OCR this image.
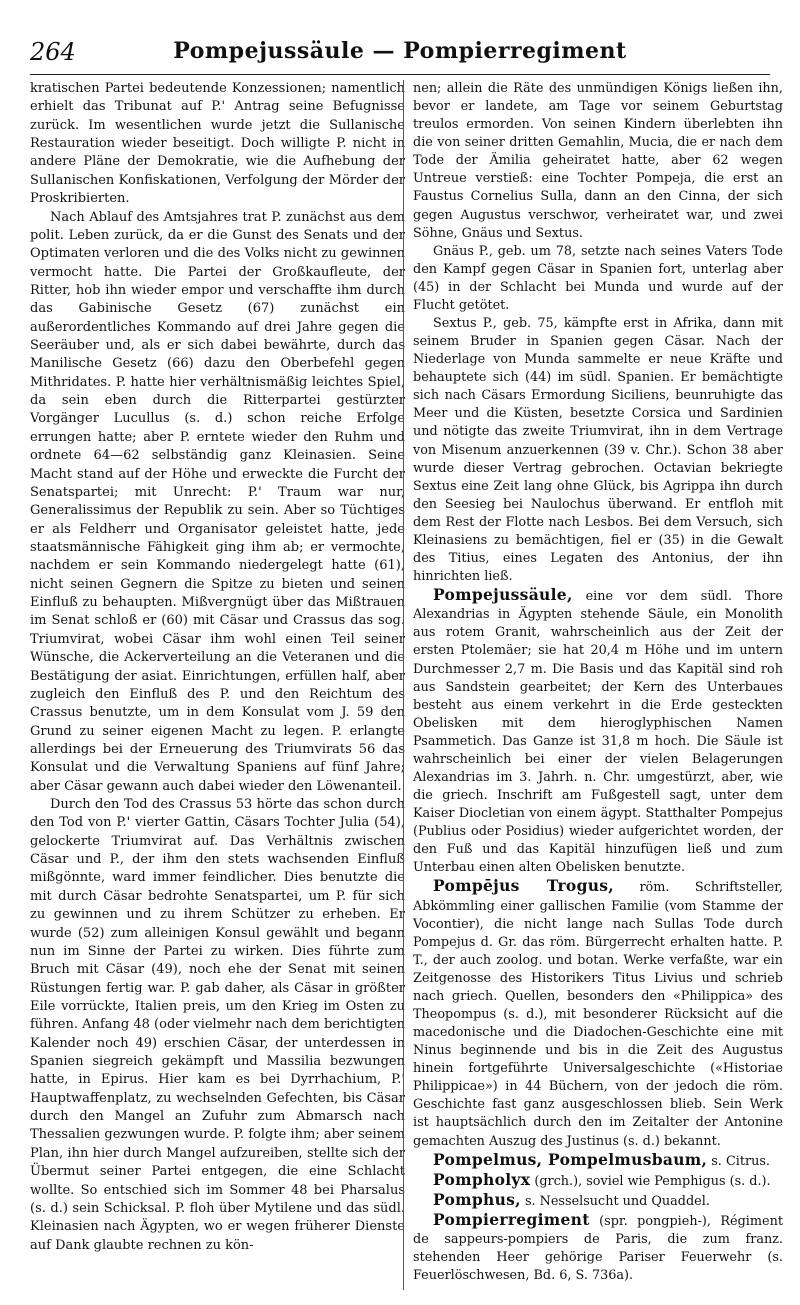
264	Pompejussäule — Pompierregiment

kratischen Partei bedeutende Konzessionen; namentlich erhielt das Tribunat auf P.' Antrag seine Befugnisse zurück. Im wesentlichen wurde jetzt die Sullanische Restauration wieder beseitigt. Doch willigte P. nicht in andere Pläne der Demokratie, wie die Aufhebung der Sullanischen Konfiskationen, Verfolgung der Mörder der Proskribierten.

Nach Ablauf des Amtsjahres trat P. zunächst aus dem polit. Leben zurück, da er die Gunst des Senats und der Optimaten verloren und die des Volks nicht zu gewinnen vermocht hatte. Die Partei der Großkaufleute, der Ritter, hob ihn wieder empor und verschaffte ihm durch das Gabinische Gesetz (67) zunächst ein außerordentliches Kommando auf drei Jahre gegen die Seeräuber und, als er sich dabei bewährte, durch das Manilische Gesetz (66) dazu den Oberbefehl gegen Mithridates. P. hatte hier verhältnismäßig leichtes Spiel, da sein eben durch die Ritterpartei gestürzter Vorgänger Lucullus (s. d.) schon reiche Erfolge errungen hatte; aber P. erntete wieder den Ruhm und ordnete 64—62 selbständig ganz Kleinasien. Seine Macht stand auf der Höhe und erweckte die Furcht der Senatspartei; mit Unrecht: P.' Traum war nur, Generalissimus der Republik zu sein. Aber so Tüchtiges er als Feldherr und Organisator geleistet hatte, jede staatsmännische Fähigkeit ging ihm ab; er vermochte, nachdem er sein Kommando niedergelegt hatte (61), nicht seinen Gegnern die Spitze zu bieten und seinen Einfluß zu behaupten. Mißvergnügt über das Mißtrauen im Senat schloß er (60) mit Cäsar und Crassus das sog. Triumvirat, wobei Cäsar ihm wohl einen Teil seiner Wünsche, die Ackerverteilung an die Veteranen und die Bestätigung der asiat. Einrichtungen, erfüllen half, aber zugleich den Einfluß des P. und den Reichtum des Crassus benutzte, um in dem Konsulat vom J. 59 den Grund zu seiner eigenen Macht zu legen. P. erlangte allerdings bei der Erneuerung des Triumvirats 56 das Konsulat und die Verwaltung Spaniens auf fünf Jahre; aber Cäsar gewann auch dabei wieder den Löwenanteil.

Durch den Tod des Crassus 53 hörte das schon durch den Tod von P.' vierter Gattin, Cäsars Tochter Julia (54), gelockerte Triumvirat auf. Das Verhältnis zwischen Cäsar und P., der ihm den stets wachsenden Einfluß mißgönnte, ward immer feindlicher. Dies benutzte die mit durch Cäsar bedrohte Senatspartei, um P. für sich zu gewinnen und zu ihrem Schützer zu erheben. Er wurde (52) zum alleinigen Konsul gewählt und begann nun im Sinne der Partei zu wirken. Dies führte zum Bruch mit Cäsar (49), noch ehe der Senat mit seinen Rüstungen fertig war. P. gab daher, als Cäsar in größter Eile vorrückte, Italien preis, um den Krieg im Osten zu führen. Anfang 48 (oder vielmehr nach dem berichtigten Kalender noch 49) erschien Cäsar, der unterdessen in Spanien siegreich gekämpft und Massilia bezwungen hatte, in Epirus. Hier kam es bei Dyrrhachium, P.' Hauptwaffenplatz, zu wechselnden Gefechten, bis Cäsar durch den Mangel an Zufuhr zum Abmarsch nach Thessalien gezwungen wurde. P. folgte ihm; aber seinem Plan, ihn hier durch Mangel aufzureiben, stellte sich der Übermut seiner Partei entgegen, die eine Schlacht wollte. So entschied sich im Sommer 48 bei Pharsalus (s. d.) sein Schicksal. P. floh über Mytilene und das südl. Kleinasien nach Ägypten, wo er wegen früherer Dienste auf Dank glaubte rechnen zu kön-

nen; allein die Räte des unmündigen Königs ließen ihn, bevor er landete, am Tage vor seinem Geburtstag treulos ermorden. Von seinen Kindern überlebten ihn die von seiner dritten Gemahlin, Mucia, die er nach dem Tode der Ämilia geheiratet hatte, aber 62 wegen Untreue verstieß: eine Tochter Pompeja, die erst an Faustus Cornelius Sulla, dann an den Cinna, der sich gegen Augustus verschwor, verheiratet war, und zwei Söhne, Gnäus und Sextus.

Gnäus P., geb. um 78, setzte nach seines Vaters Tode den Kampf gegen Cäsar in Spanien fort, unterlag aber (45) in der Schlacht bei Munda und wurde auf der Flucht getötet.

Sextus P., geb. 75, kämpfte erst in Afrika, dann mit seinem Bruder in Spanien gegen Cäsar. Nach der Niederlage von Munda sammelte er neue Kräfte und behauptete sich (44) im südl. Spanien. Er bemächtigte sich nach Cäsars Ermordung Siciliens, beunruhigte das Meer und die Küsten, besetzte Corsica und Sardinien und nötigte das zweite Triumvirat, ihn in dem Vertrage von Misenum anzuerkennen (39 v. Chr.). Schon 38 aber wurde dieser Vertrag gebrochen. Octavian bekriegte Sextus eine Zeit lang ohne Glück, bis Agrippa ihn durch den Seesieg bei Naulochus überwand. Er entfloh mit dem Rest der Flotte nach Lesbos. Bei dem Versuch, sich Kleinasiens zu bemächtigen, fiel er (35) in die Gewalt des Titius, eines Legaten des Antonius, der ihn hinrichten ließ.

Pompejussäule, eine vor dem südl. Thore Alexandrias in Ägypten stehende Säule, ein Monolith aus rotem Granit, wahrscheinlich aus der Zeit der ersten Ptolemäer; sie hat 20,4 m Höhe und im untern Durchmesser 2,7 m. Die Basis und das Kapitäl sind roh aus Sandstein gearbeitet; der Kern des Unterbaues besteht aus einem verkehrt in die Erde gesteckten Obelisken mit dem hieroglyphischen Namen Psammetich. Das Ganze ist 31,8 m hoch. Die Säule ist wahrscheinlich bei einer der vielen Belagerungen Alexandrias im 3. Jahrh. n. Chr. umgestürzt, aber, wie die griech. Inschrift am Fußgestell sagt, unter dem Kaiser Diocletian von einem ägypt. Statthalter Pompejus (Publius oder Posidius) wieder aufgerichtet worden, der den Fuß und das Kapitäl hinzufügen ließ und zum Unterbau einen alten Obelisken benutzte.

Pompējus Trogus, röm. Schriftsteller, Abkömmling einer gallischen Familie (vom Stamme der Vocontier), die nicht lange nach Sullas Tode durch Pompejus d. Gr. das röm. Bürgerrecht erhalten hatte. P. T., der auch zoolog. und botan. Werke verfaßte, war ein Zeitgenosse des Historikers Titus Livius und schrieb nach griech. Quellen, besonders den «Philippica» des Theopompus (s. d.), mit besonderer Rücksicht auf die macedonische und die Diadochen-Geschichte eine mit Ninus beginnende und bis in die Zeit des Augustus hinein fortgeführte Universalgeschichte («Historiae Philippicae») in 44 Büchern, von der jedoch die röm. Geschichte fast ganz ausgeschlossen blieb. Sein Werk ist hauptsächlich durch den im Zeitalter der Antonine gemachten Auszug des Justinus (s. d.) bekannt.

Pompelmus, Pompelmusbaum, s. Citrus.

Pompholyx (grch.), soviel wie Pemphigus (s. d.).

Pomphus, s. Nesselsucht und Quaddel.

Pompierregiment (spr. pongpieh-), Régiment de sappeurs-pompiers de Paris, die zum franz. stehenden Heer gehörige Pariser Feuerwehr (s. Feuerlöschwesen, Bd. 6, S. 736a).
